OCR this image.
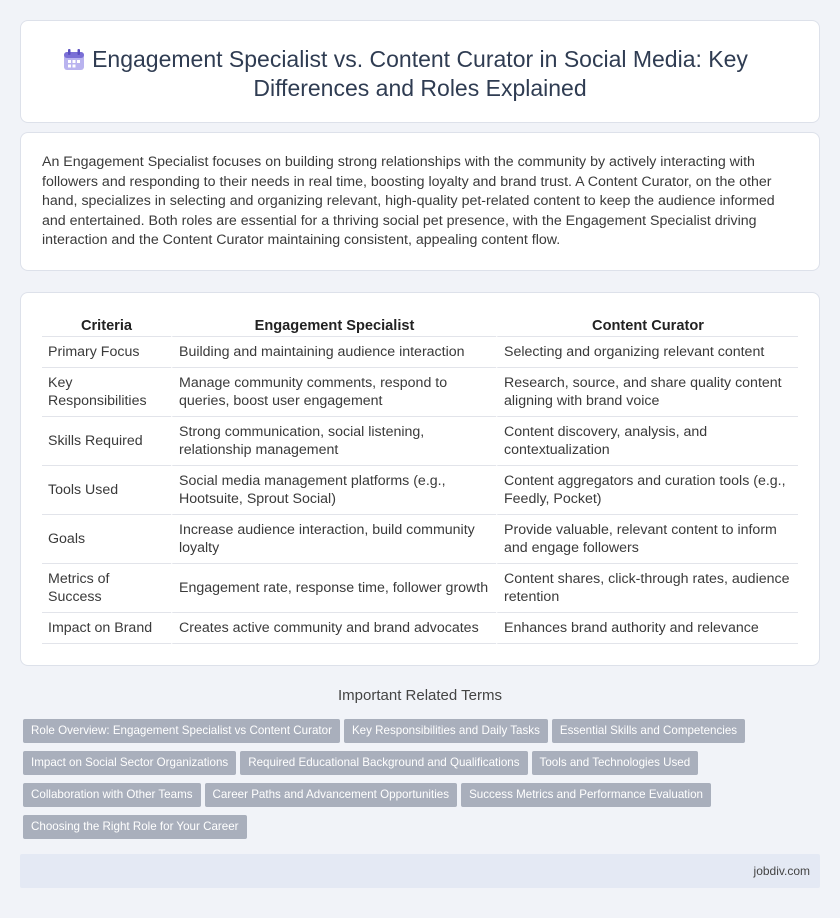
Engagement Specialist vs. Content Curator in Social Media: Key Differences and Roles Explained

An Engagement Specialist focuses on building strong relationships with the community by actively interacting with followers and responding to their needs in real time, boosting loyalty and brand trust. A Content Curator, on the other hand, specializes in selecting and organizing relevant, high-quality pet-related content to keep the audience informed and entertained. Both roles are essential for a thriving social pet presence, with the Engagement Specialist driving interaction and the Content Curator maintaining consistent, appealing content flow.

Criteria	Engagement Specialist	Content Curator
Primary Focus	Building and maintaining audience interaction	Selecting and organizing relevant content
Key Responsibilities	Manage community comments, respond to queries, boost user engagement	Research, source, and share quality content aligning with brand voice
Skills Required	Strong communication, social listening, relationship management	Content discovery, analysis, and contextualization
Tools Used	Social media management platforms (e.g., Hootsuite, Sprout Social)	Content aggregators and curation tools (e.g., Feedly, Pocket)
Goals	Increase audience interaction, build community loyalty	Provide valuable, relevant content to inform and engage followers
Metrics of Success	Engagement rate, response time, follower growth	Content shares, click-through rates, audience retention
Impact on Brand	Creates active community and brand advocates	Enhances brand authority and relevance
Important Related Terms
Role Overview: Engagement Specialist vs Content Curator Key Responsibilities and Daily Tasks Essential Skills and Competencies
Impact on Social Sector Organizations Required Educational Background and Qualifications Tools and Technologies Used
Collaboration with Other Teams Career Paths and Advancement Opportunities Success Metrics and Performance Evaluation
Choosing the Right Role for Your Career
jobdiv.com
